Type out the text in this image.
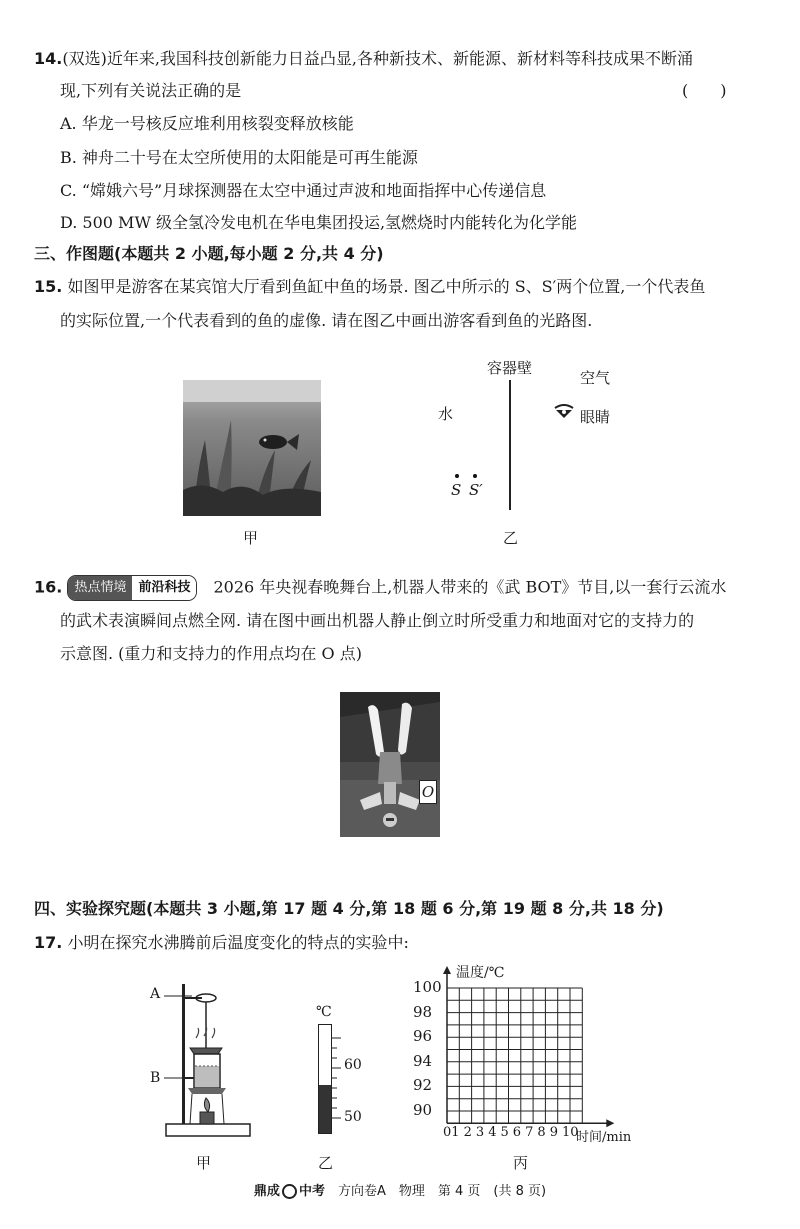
14.(双选)近年来,我国科技创新能力日益凸显,各种新技术、新能源、新材料等科技成果不断涌
现,下列有关说法正确的是	(　　)
A. 华龙一号核反应堆利用核裂变释放核能
B. 神舟二十号在太空所使用的太阳能是可再生能源
C. “嫦娥六号”月球探测器在太空中通过声波和地面指挥中心传递信息
D. 500 MW 级全氢冷发电机在华电集团投运,氢燃烧时内能转化为化学能
三、作图题(本题共 2 小题,每小题 2 分,共 4 分)
15. 如图甲是游客在某宾馆大厅看到鱼缸中鱼的场景. 图乙中所示的 S、S′两个位置,一个代表鱼
的实际位置,一个代表看到的鱼的虚像. 请在图乙中画出游客看到鱼的光路图.
甲
容器壁
空气
水	眼睛
S S′
乙
16. 热点情境 前沿科技　 2026 年央视春晚舞台上,机器人带来的《武 BOT》节目,以一套行云流水
的武术表演瞬间点燃全网. 请在图中画出机器人静止倒立时所受重力和地面对它的支持力的
示意图. (重力和支持力的作用点均在 O 点)
O
四、实验探究题(本题共 3 小题,第 17 题 4 分,第 18 题 6 分,第 19 题 8 分,共 18 分)
17. 小明在探究水沸腾前后温度变化的特点的实验中:
A
B
甲
℃
60
50
乙
温度/℃
时间/min
100
98
96
94
92
90
0 1 2 3 4 5 6 7 8 9 10
丙
鼎成 中考　 方向卷A　物理　第 4 页　(共 8 页)
